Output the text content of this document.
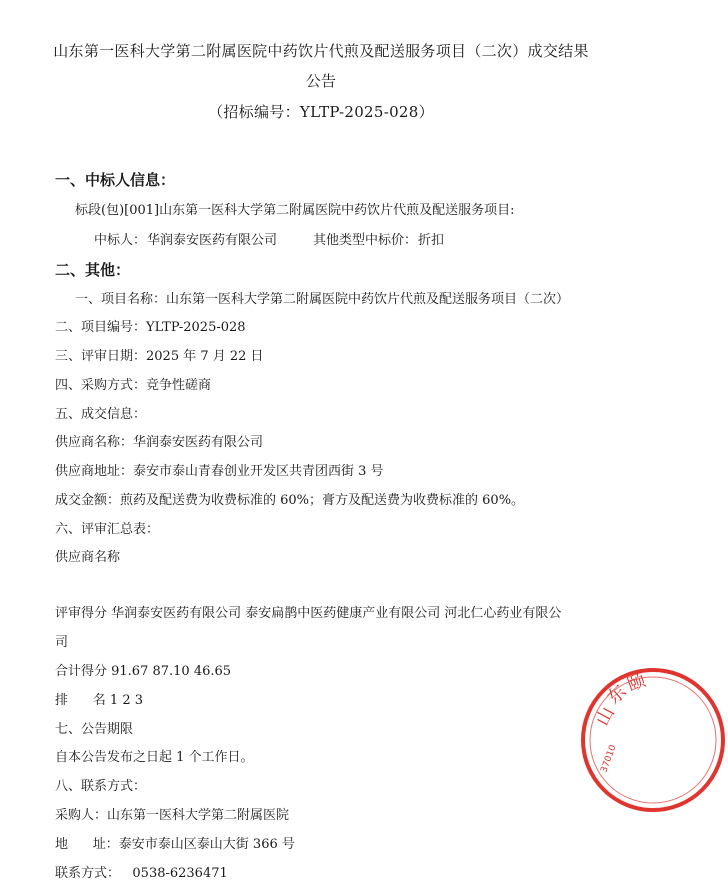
山东第一医科大学第二附属医院中药饮片代煎及配送服务项目（二次）成交结果
公告
（招标编号：YLTP-2025-028）
一、中标人信息：
标段(包)[001]山东第一医科大学第二附属医院中药饮片代煎及配送服务项目:
中标人： 华润泰安医药有限公司	其他类型中标价： 折扣
二、其他：
一、项目名称：山东第一医科大学第二附属医院中药饮片代煎及配送服务项目（二次）
二、项目编号：YLTP-2025-028
三、评审日期：2025 年 7 月 22 日
四、采购方式：竞争性磋商
五、成交信息：
供应商名称：华润泰安医药有限公司
供应商地址：泰安市泰山青春创业开发区共青团西街 3 号
成交金额：煎药及配送费为收费标准的 60%；膏方及配送费为收费标准的 60%。
六、评审汇总表：
供应商名称
评审得分 华润泰安医药有限公司 泰安扁鹊中医药健康产业有限公司 河北仁心药业有限公
司
合计得分 91.67 87.10 46.65
排      名 1 2 3
七、公告期限
自本公告发布之日起 1 个工作日。
八、联系方式：
采购人：山东第一医科大学第二附属医院
地      址：泰安市泰山区泰山大街 366 号
联系方式：   0538-6236471
山
东
颐
37010
